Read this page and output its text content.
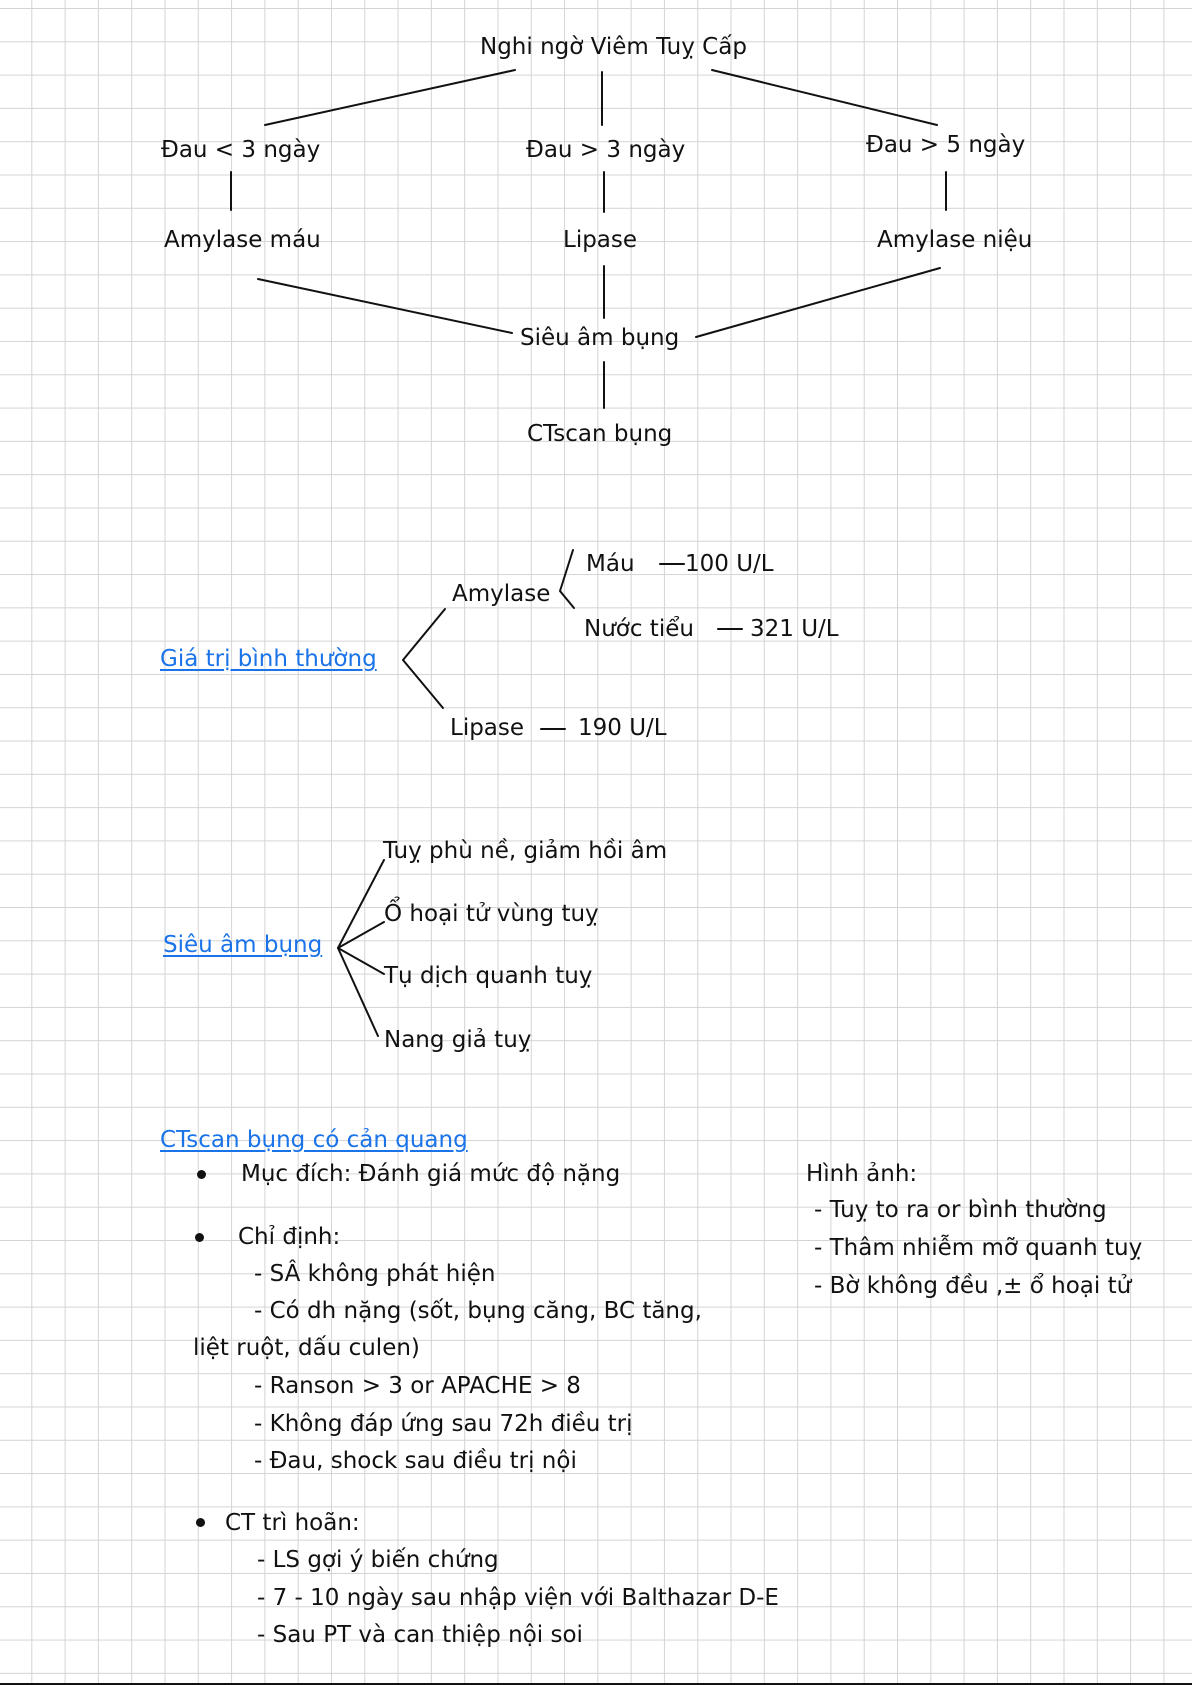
Nghi ngờ Viêm Tuỵ Cấp
Đau < 3 ngày	Đau > 3 ngày	Đau > 5 ngày
Amylase máu	Lipase	Amylase niệu
Siêu âm bụng
CTscan bụng
Giá trị bình thường
Amylase
Máu 100 U/L
Nước tiểu 321 U/L
Lipase 190 U/L
Siêu âm bụng
Tuỵ phù nề, giảm hồi âm
Ổ hoại tử vùng tuỵ
Tụ dịch quanh tuỵ
Nang giả tuỵ
CTscan bụng có cản quang
Mục đích: Đánh giá mức độ nặng
Chỉ định:
- SÂ không phát hiện
- Có dh nặng (sốt, bụng căng, BC tăng,
liệt ruột, dấu culen)
- Ranson > 3 or APACHE > 8
- Không đáp ứng sau 72h điều trị
- Đau, shock sau điều trị nội
CT trì hoãn:
- LS gợi ý biến chứng
- 7 - 10 ngày sau nhập viện với Balthazar D-E
- Sau PT và can thiệp nội soi
Hình ảnh:
- Tuỵ to ra or bình thường
- Thâm nhiễm mỡ quanh tuỵ
- Bờ không đều ,± ổ hoại tử
